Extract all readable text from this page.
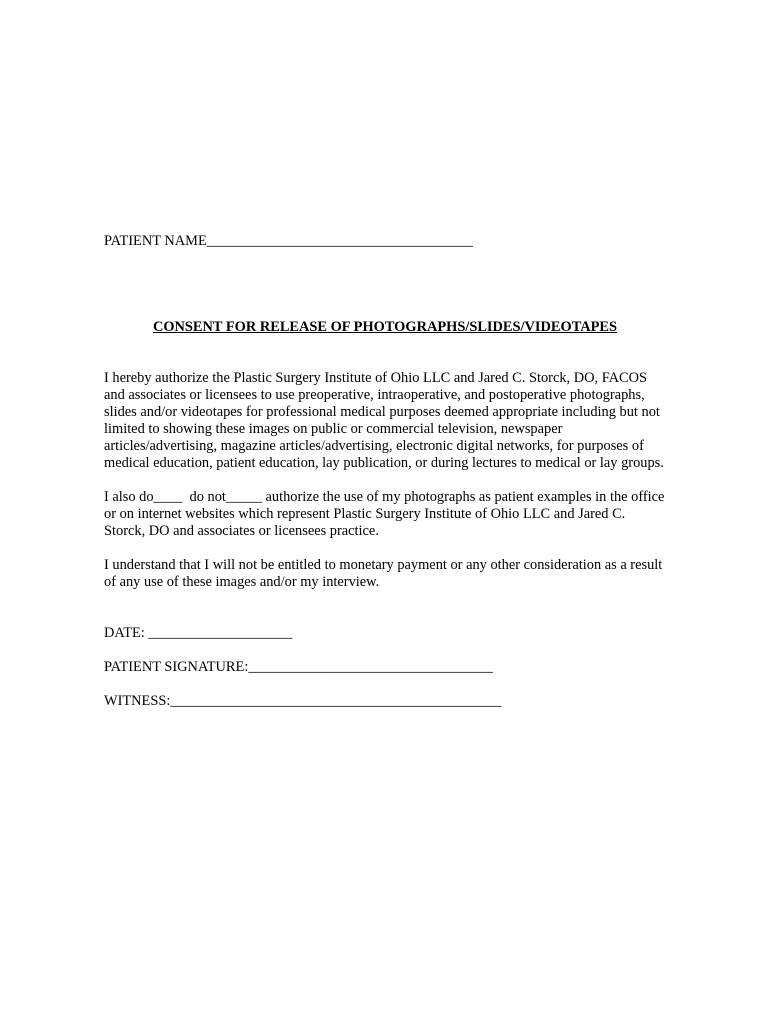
PATIENT NAME_____________________________________
CONSENT FOR RELEASE OF PHOTOGRAPHS/SLIDES/VIDEOTAPES
I hereby authorize the Plastic Surgery Institute of Ohio LLC and Jared C. Storck, DO, FACOS
and associates or licensees to use preoperative, intraoperative, and postoperative photographs,
slides and/or videotapes for professional medical purposes deemed appropriate including but not
limited to showing these images on public or commercial television, newspaper
articles/advertising, magazine articles/advertising, electronic digital networks, for purposes of
medical education, patient education, lay publication, or during lectures to medical or lay groups.
I also do____  do not_____ authorize the use of my photographs as patient examples in the office
or on internet websites which represent Plastic Surgery Institute of Ohio LLC and Jared C.
Storck, DO and associates or licensees practice.
I understand that I will not be entitled to monetary payment or any other consideration as a result
of any use of these images and/or my interview.
DATE: ____________________
PATIENT SIGNATURE:__________________________________
WITNESS:______________________________________________
